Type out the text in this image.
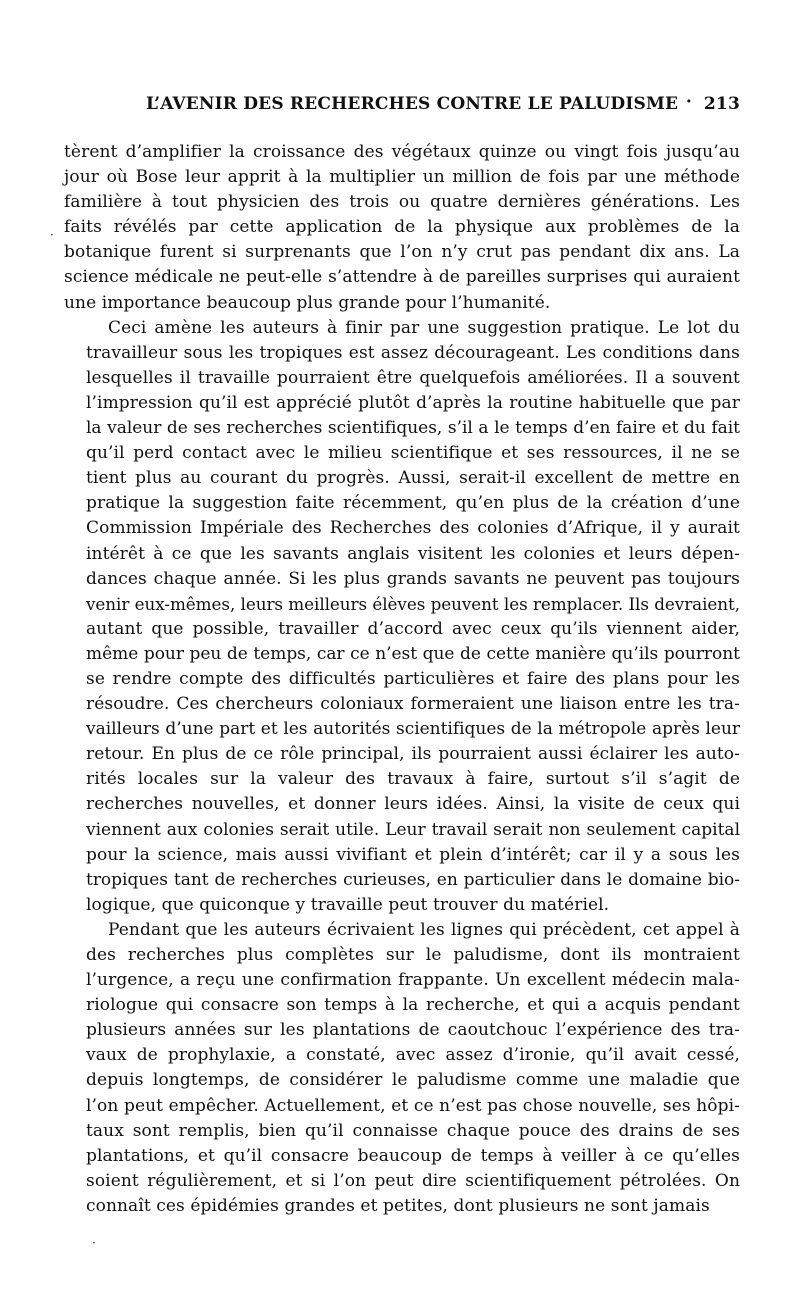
L’AVENIR DES RECHERCHES CONTRE LE PALUDISME · 213
tèrent d’amplifier la croissance des végétaux quinze ou vingt fois jusqu’au
jour où Bose leur apprit à la multiplier un million de fois par une méthode
familière à tout physicien des trois ou quatre dernières générations. Les
faits révélés par cette application de la physique aux problèmes de la
botanique furent si surprenants que l’on n’y crut pas pendant dix ans. La
science médicale ne peut-elle s’attendre à de pareilles surprises qui auraient
une importance beaucoup plus grande pour l’humanité.
Ceci amène les auteurs à finir par une suggestion pratique. Le lot du
travailleur sous les tropiques est assez décourageant. Les conditions dans
lesquelles il travaille pourraient être quelquefois améliorées. Il a souvent
l’impression qu’il est apprécié plutôt d’après la routine habituelle que par
la valeur de ses recherches scientifiques, s’il a le temps d’en faire et du fait
qu’il perd contact avec le milieu scientifique et ses ressources, il ne se
tient plus au courant du progrès. Aussi, serait-il excellent de mettre en
pratique la suggestion faite récemment, qu’en plus de la création d’une
Commission Impériale des Recherches des colonies d’Afrique, il y aurait
intérêt à ce que les savants anglais visitent les colonies et leurs dépen-
dances chaque année. Si les plus grands savants ne peuvent pas toujours
venir eux-mêmes, leurs meilleurs élèves peuvent les remplacer. Ils devraient,
autant que possible, travailler d’accord avec ceux qu’ils viennent aider,
même pour peu de temps, car ce n’est que de cette manière qu’ils pourront
se rendre compte des difficultés particulières et faire des plans pour les
résoudre. Ces chercheurs coloniaux formeraient une liaison entre les tra-
vailleurs d’une part et les autorités scientifiques de la métropole après leur
retour. En plus de ce rôle principal, ils pourraient aussi éclairer les auto-
rités locales sur la valeur des travaux à faire, surtout s’il s’agit de
recherches nouvelles, et donner leurs idées. Ainsi, la visite de ceux qui
viennent aux colonies serait utile. Leur travail serait non seulement capital
pour la science, mais aussi vivifiant et plein d’intérêt; car il y a sous les
tropiques tant de recherches curieuses, en particulier dans le domaine bio-
logique, que quiconque y travaille peut trouver du matériel.
Pendant que les auteurs écrivaient les lignes qui précèdent, cet appel à
des recherches plus complètes sur le paludisme, dont ils montraient
l’urgence, a reçu une confirmation frappante. Un excellent médecin mala-
riologue qui consacre son temps à la recherche, et qui a acquis pendant
plusieurs années sur les plantations de caoutchouc l’expérience des tra-
vaux de prophylaxie, a constaté, avec assez d’ironie, qu’il avait cessé,
depuis longtemps, de considérer le paludisme comme une maladie que
l’on peut empêcher. Actuellement, et ce n’est pas chose nouvelle, ses hôpi-
taux sont remplis, bien qu’il connaisse chaque pouce des drains de ses
plantations, et qu’il consacre beaucoup de temps à veiller à ce qu’elles
soient régulièrement, et si l’on peut dire scientifiquement pétrolées. On
connaît ces épidémies grandes et petites, dont plusieurs ne sont jamais
·
·
